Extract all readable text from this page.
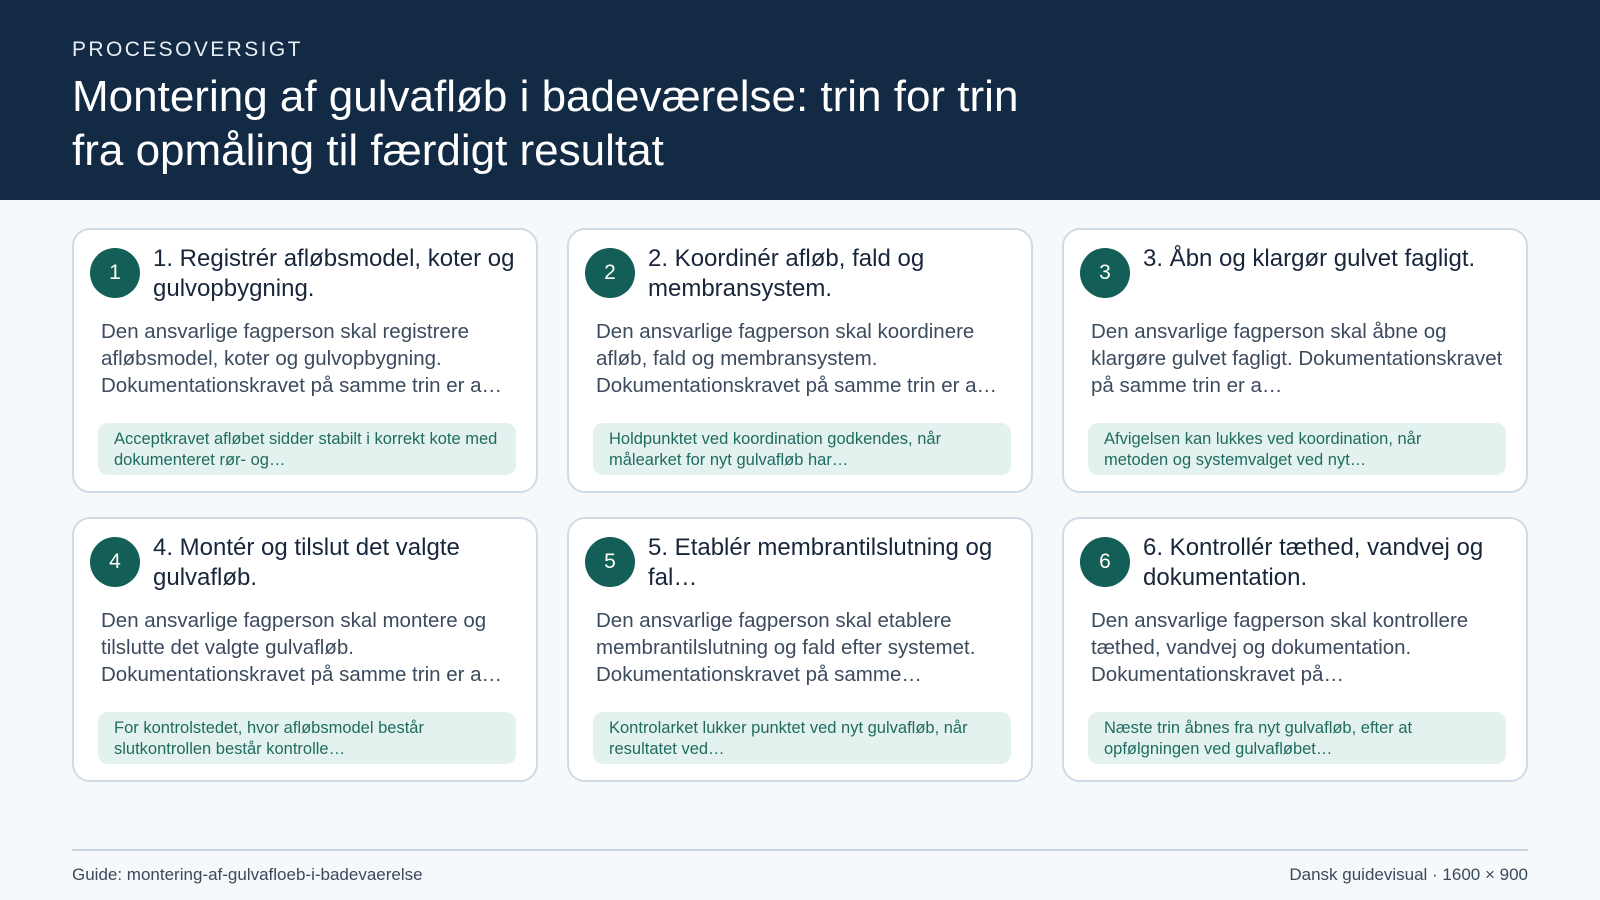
PROCESOVERSIGT
Montering af gulvafløb i badeværelse: trin for trin fra opmåling til færdigt resultat
1
1. Registrér afløbsmodel, koter og gulvopbygning.
Den ansvarlige fagperson skal registrere afløbsmodel, koter og gulvopbygning. Dokumentationskravet på samme trin er a…
Acceptkravet afløbet sidder stabilt i korrekt kote med dokumenteret rør- og…
2
2. Koordinér afløb, fald og membransystem.
Den ansvarlige fagperson skal koordinere afløb, fald og membransystem. Dokumentationskravet på samme trin er a…
Holdpunktet ved koordination godkendes, når målearket for nyt gulvafløb har…
3
3. Åbn og klargør gulvet fagligt.
Den ansvarlige fagperson skal åbne og klargøre gulvet fagligt. Dokumentationskravet på samme trin er a…
Afvigelsen kan lukkes ved koordination, når metoden og systemvalget ved nyt…
4
4. Montér og tilslut det valgte gulvafløb.
Den ansvarlige fagperson skal montere og tilslutte det valgte gulvafløb. Dokumentationskravet på samme trin er a…
For kontrolstedet, hvor afløbsmodel består slutkontrollen består kontrolle…
5
5. Etablér membrantilslutning og fal…
Den ansvarlige fagperson skal etablere membrantilslutning og fald efter systemet. Dokumentationskravet på samme…
Kontrolarket lukker punktet ved nyt gulvafløb, når resultatet ved…
6
6. Kontrollér tæthed, vandvej og dokumentation.
Den ansvarlige fagperson skal kontrollere tæthed, vandvej og dokumentation. Dokumentationskravet på…
Næste trin åbnes fra nyt gulvafløb, efter at opfølgningen ved gulvafløbet…
Guide: montering-af-gulvafloeb-i-badevaerelse	Dansk guidevisual · 1600 × 900
